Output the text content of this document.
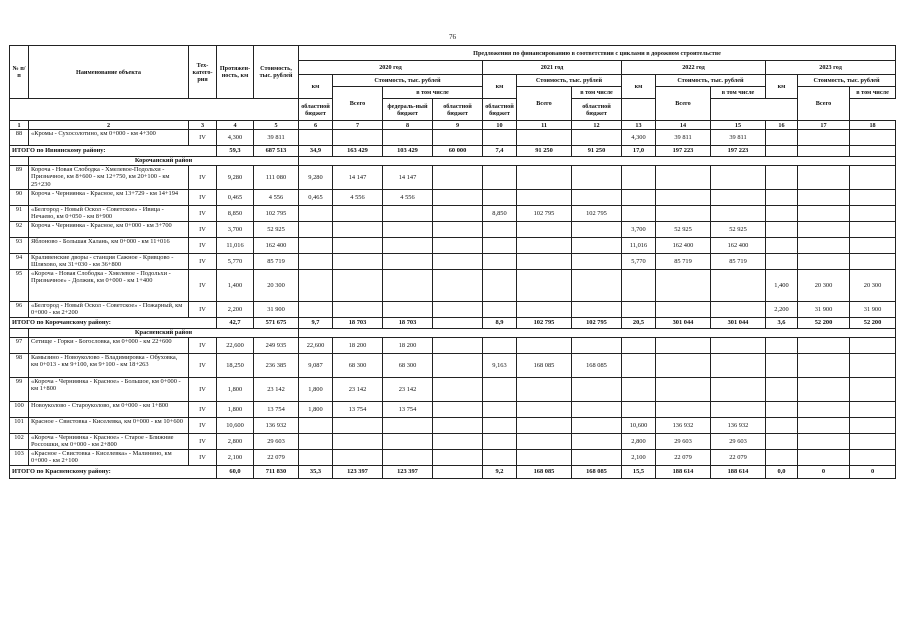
76
№ п/п	Наименование объекта	Тех-катего-рия	Протяжен-ность, км	Стоимость, тыс. рублей	Предложения по финансированию в соответствии с циклами в дорожном строительстве												
					2020 год				2021 год			2022 год			2023 год		
					км	Стоимость, тыс. рублей			км	Стоимость, тыс. рублей		км	Стоимость, тыс. рублей		км	Стоимость, тыс. рублей	
						Всего	в том числе			Всего	в том числе		Всего	в том числе		Всего	в том числе
					областной бюджет		федераль-ный бюджет	областной бюджет	областной бюджет		областной бюджет						
1	2	3	4	5	6	7	8	9	10	11	12	13	14	15	16	17	18
88	«Кромы - Сухосолотино, км 0+000 - км 4+300	IV	4,300	39 811								4,300	39 811	39 811			
ИТОГО по Ивнянскому району:			59,3	687 513	34,9	163 429	103 429	60 000	7,4	91 250	91 250	17,0	197 223	197 223			
	Корочанский район																
89	Короча - Новая Слободка - Хмелевое-Подольхи - Призначное, км 8+600 - км 12+750, км 20+100 - км 25+230	IV	9,280	111 080	9,280	14 147	14 147										
90	Короча - Черниянка - Красное, км 13+729 - км 14+194	IV	0,465	4 556	0,465	4 556	4 556										
91	«Белгород - Новый Оскол - Советское» - Ивица - Нечаево, км 0+050 - км 8+900	IV	8,850	102 795					8,850	102 795	102 795						
92	Короча - Черниянка - Красное, км 0+000 - км 3+700	IV	3,700	52 925								3,700	52 925	52 925			
93	Яблоново - Большая Халань, км 0+000 - км 11+016	IV	11,016	162 400								11,016	162 400	162 400			
94	Краливенские дворы - станция Сажное - Кривцово - Шляхово, км 31+030 - км 36+800	IV	5,770	85 719								5,770	85 719	85 719			
95	«Короча - Новая Слободка - Хмелевое - Подольхи - Призначное» - Должик, км 0+000 - км 1+400	IV	1,400	20 300											1,400	20 300	20 300
96	«Белгород - Новый Оскол - Советское» - Пожарный, км 0+000 - км 2+200	IV	2,200	31 900											2,200	31 900	31 900
ИТОГО по Корочанскому району:			42,7	571 675	9,7	18 703	18 703		8,9	102 795	102 795	20,5	301 044	301 044	3,6	52 200	52 200
	Красненский район																
97	Сетище - Горки - Богословка, км 0+000 - км 22+600	IV	22,600	249 935	22,600	18 200	18 200										
98	Камызино - Новоуколово - Владимировка - Обуховка, км 0+013 - км 9+100, км 9+100 - км 18+263	IV	18,250	236 385	9,087	68 300	68 300		9,163	168 085	168 085						
99	«Короча - Черниянка - Красное» - Большое, км 0+000 - км 1+800	IV	1,800	23 142	1,800	23 142	23 142										
100	Новоуколово - Староуколово, км 0+000 - км 1+800	IV	1,800	13 754	1,800	13 754	13 754										
101	Красное - Свистовка - Киселевка, км 0+000 - км 10+600	IV	10,600	136 932								10,600	136 932	136 932			
102	«Короча - Черниянка - Красное» - Старое - Ближние Россошки, км 0+000 - км 2+800	IV	2,800	29 603								2,800	29 603	29 603			
103	«Красное - Свистовка - Киселевка» - Малинино, км 0+000 - км 2+100	IV	2,100	22 079								2,100	22 079	22 079			
ИТОГО по Красненскому району:			60,0	711 830	35,3	123 397	123 397		9,2	168 085	168 085	15,5	188 614	188 614	0,0	0	0
